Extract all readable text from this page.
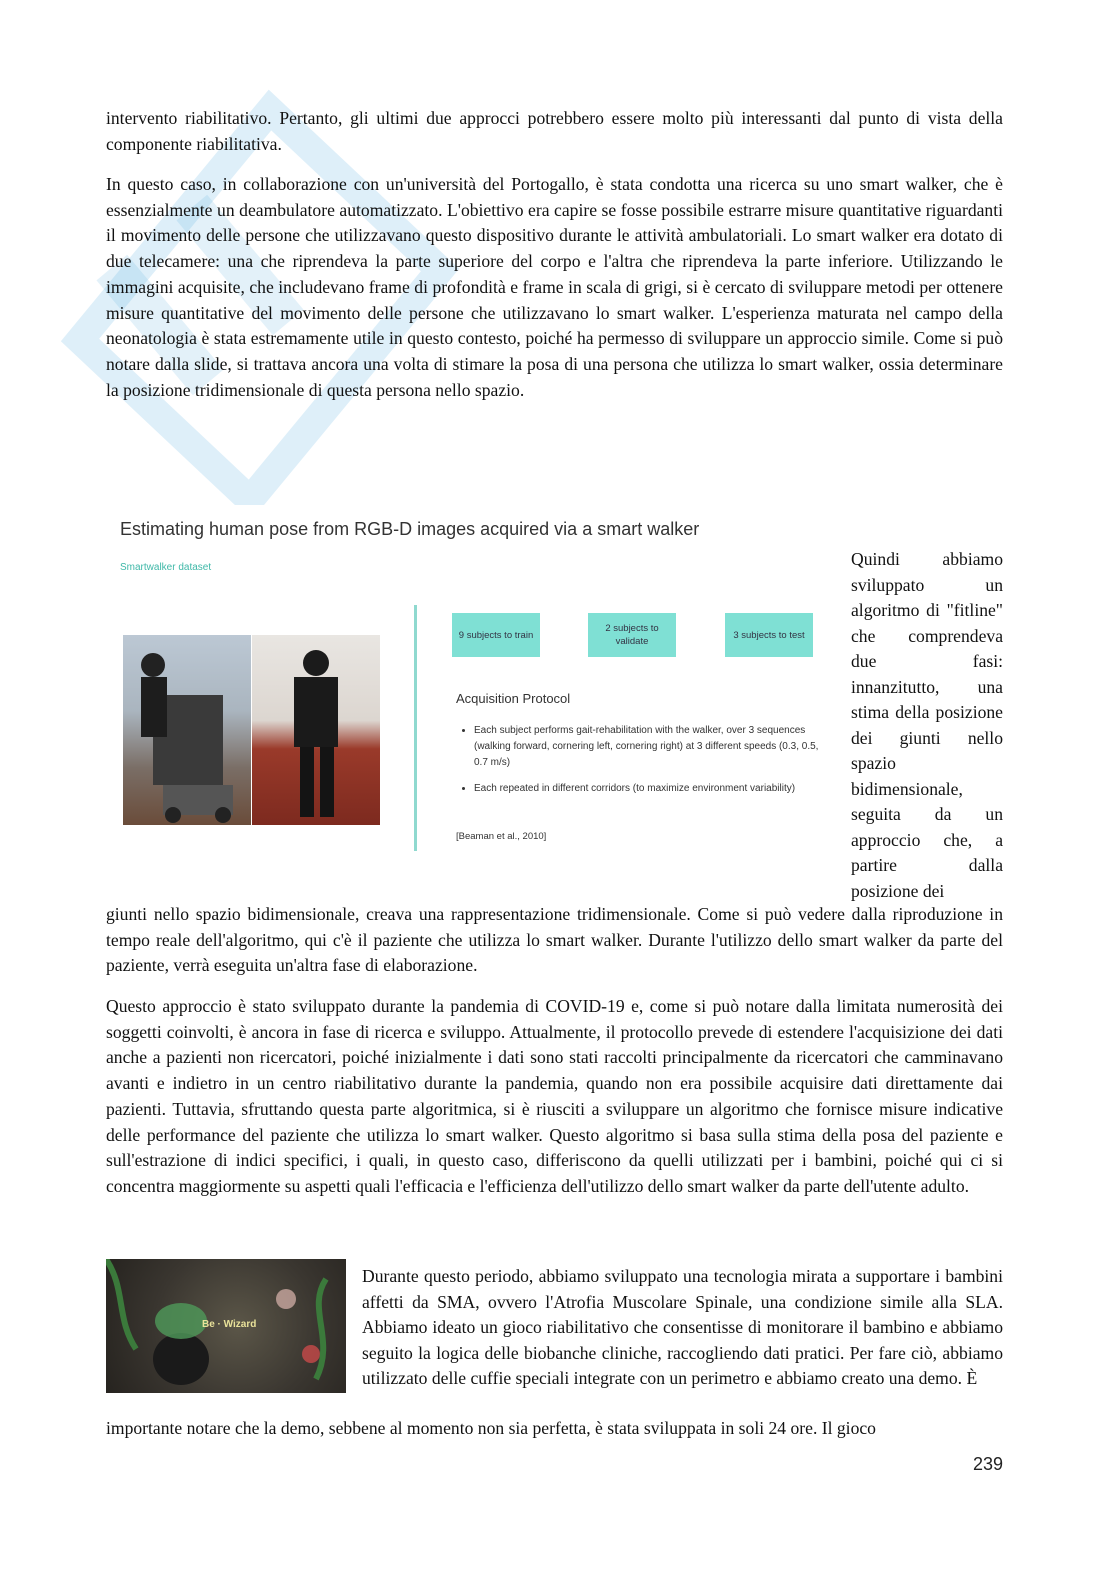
intervento riabilitativo. Pertanto, gli ultimi due approcci potrebbero essere molto più interessanti dal punto di vista della componente riabilitativa.

In questo caso, in collaborazione con un'università del Portogallo, è stata condotta una ricerca su uno smart walker, che è essenzialmente un deambulatore automatizzato. L'obiettivo era capire se fosse possibile estrarre misure quantitative riguardanti il movimento delle persone che utilizzavano questo dispositivo durante le attività ambulatoriali. Lo smart walker era dotato di due telecamere: una che riprendeva la parte superiore del corpo e l'altra che riprendeva la parte inferiore. Utilizzando le immagini acquisite, che includevano frame di profondità e frame in scala di grigi, si è cercato di sviluppare metodi per ottenere misure quantitative del movimento delle persone che utilizzavano lo smart walker. L'esperienza maturata nel campo della neonatologia è stata estremamente utile in questo contesto, poiché ha permesso di sviluppare un approccio simile. Come si può notare dalla slide, si trattava ancora una volta di stimare la posa di una persona che utilizza lo smart walker, ossia determinare la posizione tridimensionale di questa persona nello spazio.

Estimating human pose from RGB-D images acquired via a smart walker
Smartwalker dataset
9 subjects to train
2 subjects to validate
3 subjects to test
Acquisition Protocol
• Each subject performs gait-rehabilitation with the walker, over 3 sequences (walking forward, cornering left, cornering right) at 3 different speeds (0.3, 0.5, 0.7 m/s)
• Each repeated in different corridors (to maximize environment variability)
[Beaman et al., 2010]

Quindi abbiamo sviluppato un algoritmo di "fitline" che comprendeva due fasi: innanzitutto, una stima della posizione dei giunti nello spazio bidimensionale, seguita da un approccio che, a partire dalla posizione dei

giunti nello spazio bidimensionale, creava una rappresentazione tridimensionale. Come si può vedere dalla riproduzione in tempo reale dell'algoritmo, qui c'è il paziente che utilizza lo smart walker. Durante l'utilizzo dello smart walker da parte del paziente, verrà eseguita un'altra fase di elaborazione.

Questo approccio è stato sviluppato durante la pandemia di COVID-19 e, come si può notare dalla limitata numerosità dei soggetti coinvolti, è ancora in fase di ricerca e sviluppo. Attualmente, il protocollo prevede di estendere l'acquisizione dei dati anche a pazienti non ricercatori, poiché inizialmente i dati sono stati raccolti principalmente da ricercatori che camminavano avanti e indietro in un centro riabilitativo durante la pandemia, quando non era possibile acquisire dati direttamente dai pazienti. Tuttavia, sfruttando questa parte algoritmica, si è riusciti a sviluppare un algoritmo che fornisce misure indicative delle performance del paziente che utilizza lo smart walker. Questo algoritmo si basa sulla stima della posa del paziente e sull'estrazione di indici specifici, i quali, in questo caso, differiscono da quelli utilizzati per i bambini, poiché qui ci si concentra maggiormente su aspetti quali l'efficacia e l'efficienza dell'utilizzo dello smart walker da parte dell'utente adulto.

Be · Wizard

Durante questo periodo, abbiamo sviluppato una tecnologia mirata a supportare i bambini affetti da SMA, ovvero l'Atrofia Muscolare Spinale, una condizione simile alla SLA. Abbiamo ideato un gioco riabilitativo che consentisse di monitorare il bambino e abbiamo seguito la logica delle biobanche cliniche, raccogliendo dati pratici. Per fare ciò, abbiamo utilizzato delle cuffie speciali integrate con un perimetro e abbiamo creato una demo. È

importante notare che la demo, sebbene al momento non sia perfetta, è stata sviluppata in soli 24 ore. Il gioco

239
